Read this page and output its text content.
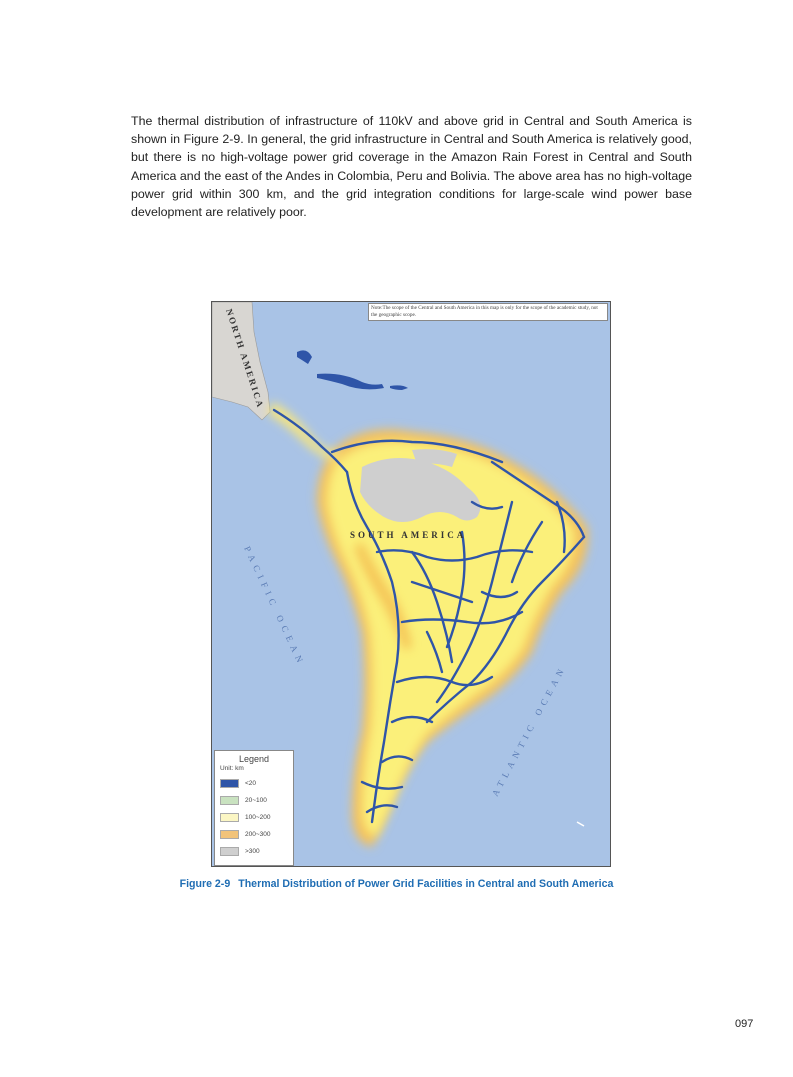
The thermal distribution of infrastructure of 110kV and above grid in Central and South America is shown in Figure 2-9. In general, the grid infrastructure in Central and South America is relatively good, but there is no high-voltage power grid coverage in the Amazon Rain Forest in Central and South America and the east of the Andes in Colombia, Peru and Bolivia. The above area has no high-voltage power grid within 300 km, and the grid integration conditions for large-scale wind power base development are relatively poor.

NORTH AMERICA
SOUTH AMERICA
PACIFIC OCEAN
ATLANTIC OCEAN
Note:The scope of the Central and South America in this map is only for the scope of the academic study, not the geographic scope.
Legend
Unit: km
<20
20~100
100~200
200~300
>300
Figure 2-9 Thermal Distribution of Power Grid Facilities in Central and South America
097
